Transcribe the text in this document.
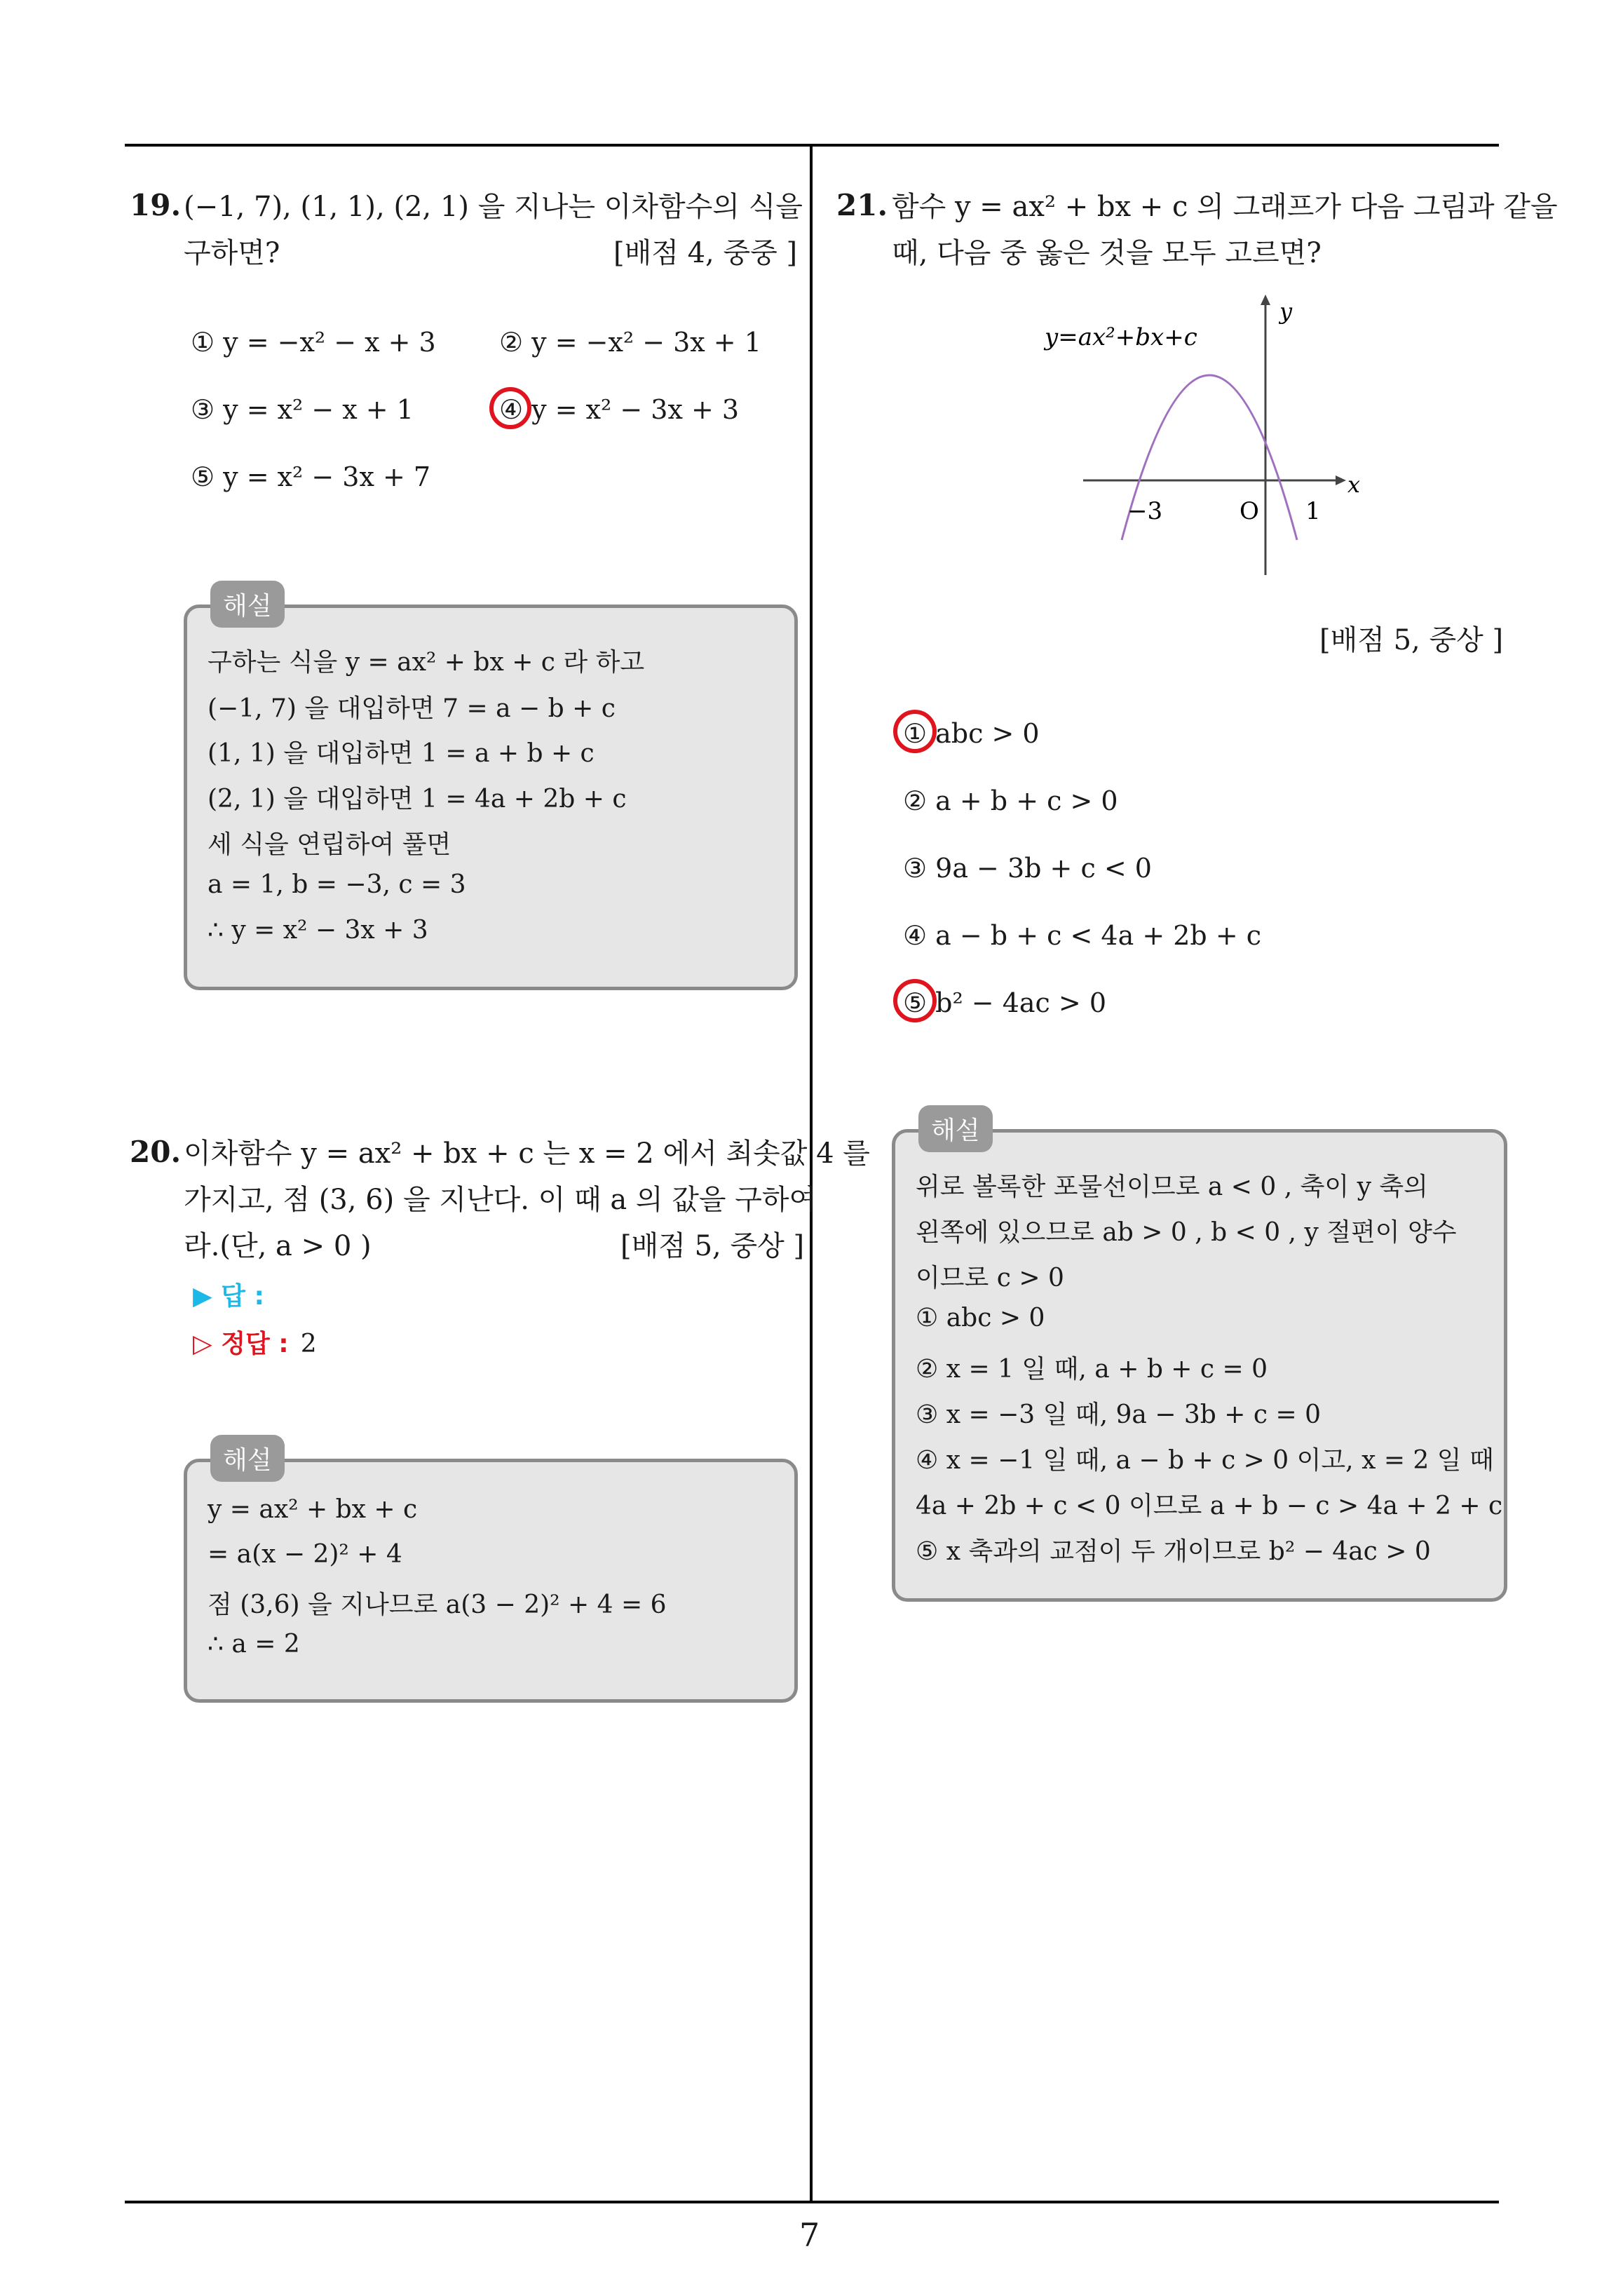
7
19. (−1, 7), (1, 1), (2, 1) 을 지나는 이차함수의 식을
구하면?	[배점 4, 중중 ]
① y = −x² − x + 3 ② y = −x² − 3x + 1
③ y = x² − x + 1	④ y = x² − 3x + 3
⑤ y = x² − 3x + 7
해설
구하는 식을 y = ax² + bx + c 라 하고
(−1, 7) 을 대입하면 7 = a − b + c
(1, 1) 을 대입하면 1 = a + b + c
(2, 1) 을 대입하면 1 = 4a + 2b + c
세 식을 연립하여 풀면
a = 1, b = −3, c = 3
∴ y = x² − 3x + 3
20. 이차함수 y = ax² + bx + c 는 x = 2 에서 최솟값 4 를
가지고, 점 (3, 6) 을 지난다. 이 때 a 의 값을 구하여
라.(단, a > 0 )	[배점 5, 중상 ]
▶ 답 :
▷ 정답 : 2
해설
y = ax² + bx + c
= a(x − 2)² + 4
점 (3,6) 을 지나므로 a(3 − 2)² + 4 = 6
∴ a = 2
21. 함수 y = ax² + bx + c 의 그래프가 다음 그림과 같을
때, 다음 중 옳은 것을 모두 고르면?
y=ax²+bx+c
y
x
−3	O 1
[배점 5, 중상 ]
① abc > 0
② a + b + c > 0
③ 9a − 3b + c < 0
④ a − b + c < 4a + 2b + c
⑤ b² − 4ac > 0
해설
위로 볼록한 포물선이므로 a < 0 , 축이 y 축의
왼쪽에 있으므로 ab > 0 , b < 0 , y 절편이 양수
이므로 c > 0
① abc > 0
② x = 1 일 때, a + b + c = 0
③ x = −3 일 때, 9a − 3b + c = 0
④ x = −1 일 때, a − b + c > 0 이고, x = 2 일 때
4a + 2b + c < 0 이므로 a + b − c > 4a + 2 + c
⑤ x 축과의 교점이 두 개이므로 b² − 4ac > 0
